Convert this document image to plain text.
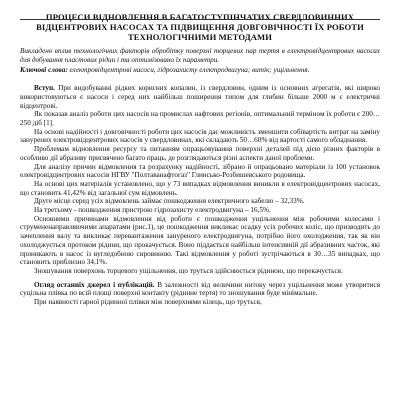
ПРОЦЕСИ ВІДНОВЛЕННЯ В БАГАТОСТУПІНЧАТИХ СВЕРДЛОВИННИХ ВІДЦЕНТРОВИХ НАСОСАХ ТА ПІДВИЩЕННЯ ДОВГОВІЧНОСТІ ЇХ РОБОТИ ТЕХНОЛОГІЧНИМИ МЕТОДАМИ
Викладено вплив технологічних факторів обробітку поверхні торцевих пар тертя в електровідцентрових насосах для добування пластових рідин і та оптимізовано їх параметри.
Ключові слова: електровідцентрові насоси, гідрозахисту електродвигуна; витік; ущільнення.

Вступ. При видобуванні рідких корисних копалин, із свердловин, одним із основних агрегатів, які широко використовуються є насоси і серед них найбільш поширення типом для глибин більше 2000 м є електричні відцентрові.

Як показав аналіз роботи цих насосів на промислах нафтових регіонів, оптимальний терміном їх роботи є 200…250 діб [1].

На основі надійності і довговічності роботи цих насосів дає можливість зменшити собівартість витрат на заміну занурених електровідцентрових насосів у свердловинах, які складають 50…60% від вартості самого обладнання.

Проблемам відновлення ресурсу та питанням опрацьовування поверхні деталей під дією різних факторів в особливо дії абразиву присвячено багато праць, де розглядаються різні аспекти даної проблеми.

Для аналізу причин відмовлення та розрахунку надійності, зібрано й опрацьовано матеріали із 100 установок електровідцентрових насосів НГВУ "Полтаванафтогаз" Глинсько-Розбишевського родовища.

На основі цих матеріалів установлено, що у 73 випадках відмовлення виникли в електровідцентрових насосах, що становить 41,42% від загальної сум відмовлень.

Друге місце серед усіх відмовлень займає пошкодження електричного кабелю – 32,33%.

На третьому - пошкодження пристрою гідрозахисту електродвигуна – 16,5%.

Основними причинами відмовлення від роботи є пошкодження ущільнення між робочими колесами і струмененаправляючими апаратами (рис.1), це пошкодження викликає осадку усіх робочих коліс, що призводить до зачеплення валу та викликає перевантаження зануреного електродвигуна, потрібно його охолодження, так як він охолоджується протоком рідини, що прокачується. Воно піддається найбільш інтенсивній дії абразивних часток, які проникають в насос із вугледобною сировиною. Такі відмовлення у роботі зустрічаються в 30…35 випадках, що становить приблизно 34,1%.

Зношування поверхонь торцевого ущільнення, що труться здійснюється рідиною, що перекачується.

Огляд останніх джерел і публікацій. В залежності від величини нитоку через ущільнення може утворитися суцільна плівка по всій площі поверхні контакту (рідинне тертя) то зношування буде мінімальне.

При наявності гарної рідинної плівки між поверхнями кілець, що труться,
